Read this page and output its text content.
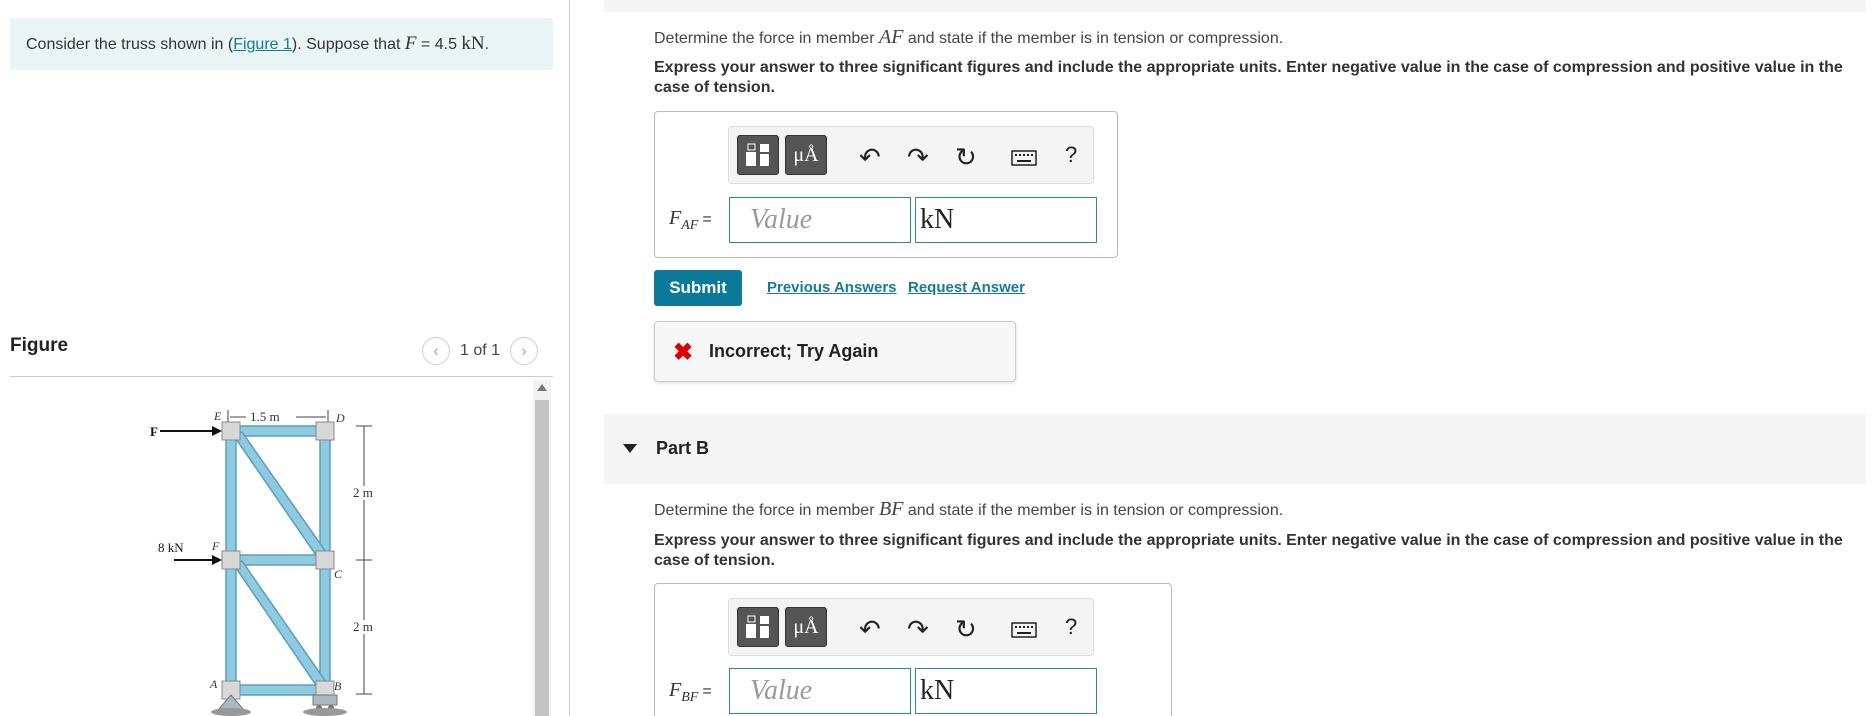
Consider the truss shown in (Figure 1). Suppose that F = 4.5 kN.
Figure	‹ 1 of 1 ›
1.5 m
2 m
2 m
F
8 kN
E	D
F
C
A	B
Determine the force in member AF and state if the member is in tension or compression.
Express your answer to three significant figures and include the appropriate units. Enter negative value in the case of compression and positive value in the case of tension.
μÅ	↶ ↷ ↻	?
$F_{AF}$ =
Value
kN
Submit	Previous Answers Request Answer
✖ Incorrect; Try Again
Part B
Determine the force in member BF and state if the member is in tension or compression.
Express your answer to three significant figures and include the appropriate units. Enter negative value in the case of compression and positive value in the case of tension.
μÅ	↶ ↷ ↻	?
$F_{BF}$ =
Value
kN
